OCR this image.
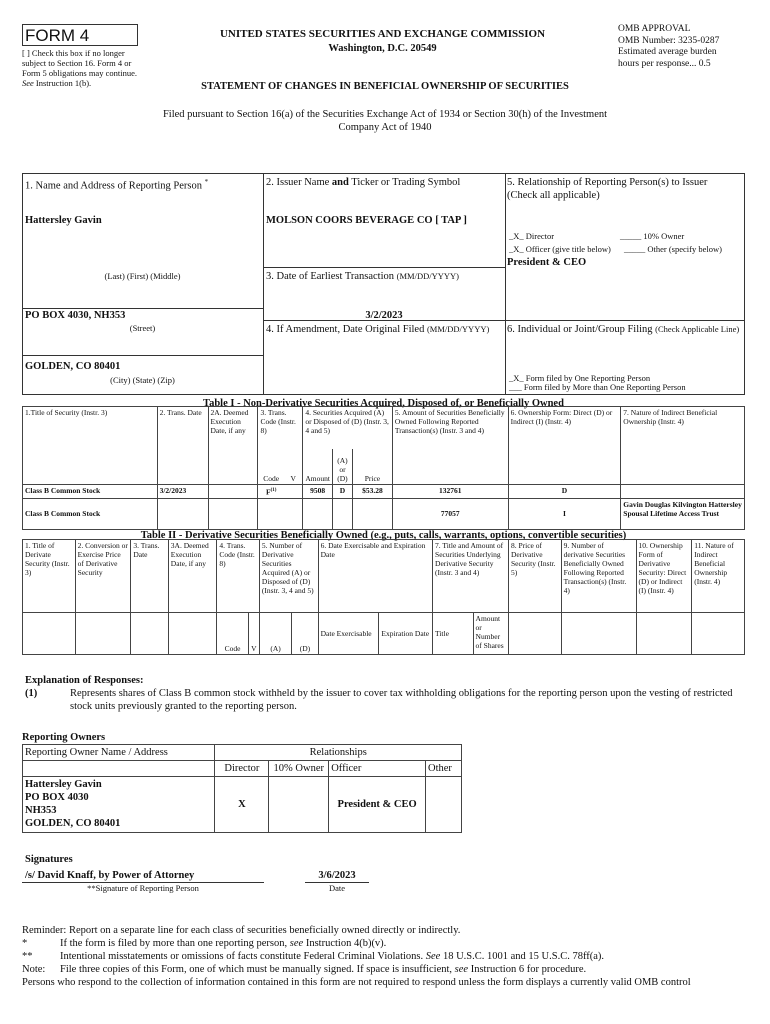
FORM 4
[ ] Check this box if no longer subject to Section 16. Form 4 or Form 5 obligations may continue. See Instruction 1(b).
UNITED STATES SECURITIES AND EXCHANGE COMMISSION
Washington, D.C. 20549
STATEMENT OF CHANGES IN BENEFICIAL OWNERSHIP OF SECURITIES
OMB APPROVAL
OMB Number: 3235-0287
Estimated average burden
hours per response... 0.5
Filed pursuant to Section 16(a) of the Securities Exchange Act of 1934 or Section 30(h) of the Investment Company Act of 1940
1. Name and Address of Reporting Person *
Hattersley Gavin
(Last) (First) (Middle)
PO BOX 4030, NH353
(Street)
GOLDEN, CO 80401
(City) (State) (Zip)
2. Issuer Name and Ticker or Trading Symbol
MOLSON COORS BEVERAGE CO [ TAP ]
3. Date of Earliest Transaction (MM/DD/YYYY)
3/2/2023
4. If Amendment, Date Original Filed (MM/DD/YYYY)
5. Relationship of Reporting Person(s) to Issuer
(Check all applicable)
_X_ Director	_____ 10% Owner
_X_ Officer (give title below) _____ Other (specify below)
President & CEO
6. Individual or Joint/Group Filing (Check Applicable Line)
_X_ Form filed by One Reporting Person
___ Form filed by More than One Reporting Person
Table I - Non-Derivative Securities Acquired, Disposed of, or Beneficially Owned
1.Title of Security (Instr. 3)	2. Trans. Date	2A. Deemed Execution Date, if any	3. Trans. Code (Instr. 8)		4. Securities Acquired (A) or Disposed of (D) (Instr. 3, 4 and 5)			5. Amount of Securities Beneficially Owned Following Reported Transaction(s) (Instr. 3 and 4)	6. Ownership Form: Direct (D) or Indirect (I) (Instr. 4)	7. Nature of Indirect Beneficial Ownership (Instr. 4)
			Code	V	Amount	(A) or (D)	Price			
Class B Common Stock	3/2/2023		$F^{(1)}$		9508	D	$53.28	132761	D	
Class B Common Stock								77057	I	Gavin Douglas Kilvington Hattersley Spousal Lifetime Access Trust
Table II - Derivative Securities Beneficially Owned (e.g., puts, calls, warrants, options, convertible securities)
1. Title of Derivate Security (Instr. 3)	2. Conversion or Exercise Price of Derivative Security	3. Trans. Date	3A. Deemed Execution Date, if any	4. Trans. Code (Instr. 8)		5. Number of Derivative Securities Acquired (A) or Disposed of (D) (Instr. 3, 4 and 5)		6. Date Exercisable and Expiration Date		7. Title and Amount of Securities Underlying Derivative Security (Instr. 3 and 4)		8. Price of Derivative Security (Instr. 5)	9. Number of derivative Securities Beneficially Owned Following Reported Transaction(s) (Instr. 4)	10. Ownership Form of Derivative Security: Direct (D) or Indirect (I) (Instr. 4)	11. Nature of Indirect Beneficial Ownership (Instr. 4)
				Code	V	(A)	(D)	Date Exercisable	Expiration Date	Title	Amount or Number of Shares				
Explanation of Responses:
(1)	Represents shares of Class B common stock withheld by the issuer to cover tax withholding obligations for the reporting person upon the vesting of restricted stock units previously granted to the reporting person.
Reporting Owners
Reporting Owner Name / Address	Relationships			
	Director	10% Owner	Officer	Other

Hattersley Gavin
PO BOX 4030
NH353
GOLDEN, CO 80401	X		President & CEO	
Signatures
/s/ David Knaff, by Power of Attorney
**Signature of Reporting Person
3/6/2023
Date
Reminder: Report on a separate line for each class of securities beneficially owned directly or indirectly.
*	If the form is filed by more than one reporting person, see Instruction 4(b)(v).
**	Intentional misstatements or omissions of facts constitute Federal Criminal Violations. See 18 U.S.C. 1001 and 15 U.S.C. 78ff(a).
Note: File three copies of this Form, one of which must be manually signed. If space is insufficient, see Instruction 6 for procedure.
Persons who respond to the collection of information contained in this form are not required to respond unless the form displays a currently valid OMB control
